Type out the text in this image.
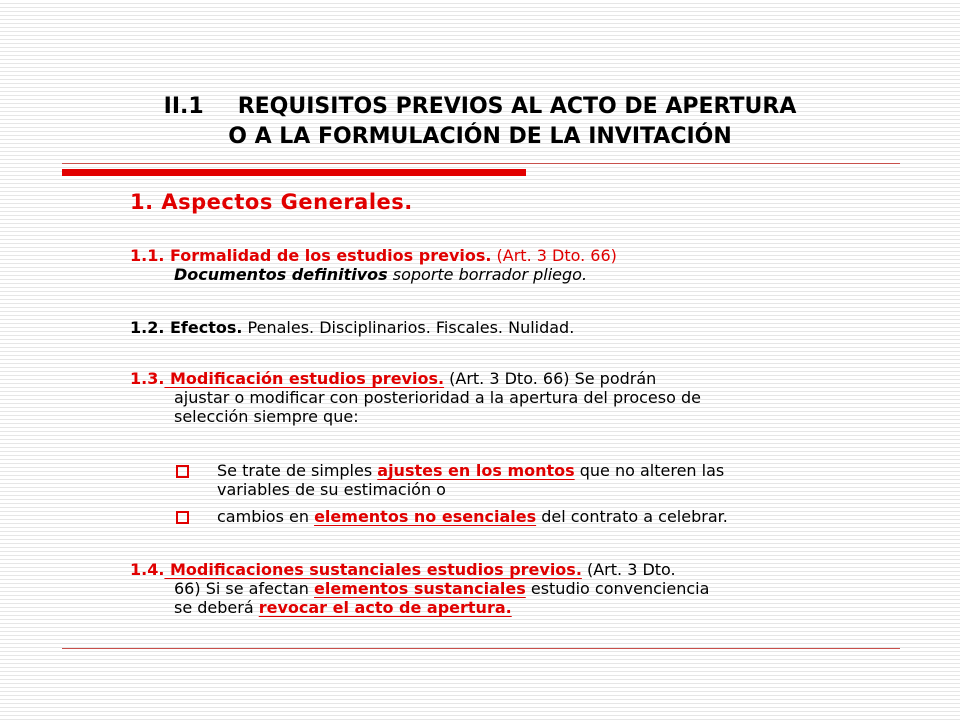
II.1 REQUISITOS PREVIOS AL ACTO DE APERTURA
O A LA FORMULACIÓN DE LA INVITACIÓN
1. Aspectos Generales.
1.1. Formalidad de los estudios previos. (Art. 3 Dto. 66)
Documentos definitivos soporte borrador pliego.
1.2. Efectos. Penales. Disciplinarios. Fiscales. Nulidad.
1.3. Modificación estudios previos. (Art. 3 Dto. 66) Se podrán
ajustar o modificar con posterioridad a la apertura del proceso de
selección siempre que:
Se trate de simples ajustes en los montos que no alteren las
variables de su estimación o
cambios en elementos no esenciales del contrato a celebrar.
1.4. Modificaciones sustanciales estudios previos. (Art. 3 Dto.
66) Si se afectan elementos sustanciales estudio convenciencia
se deberá revocar el acto de apertura.
